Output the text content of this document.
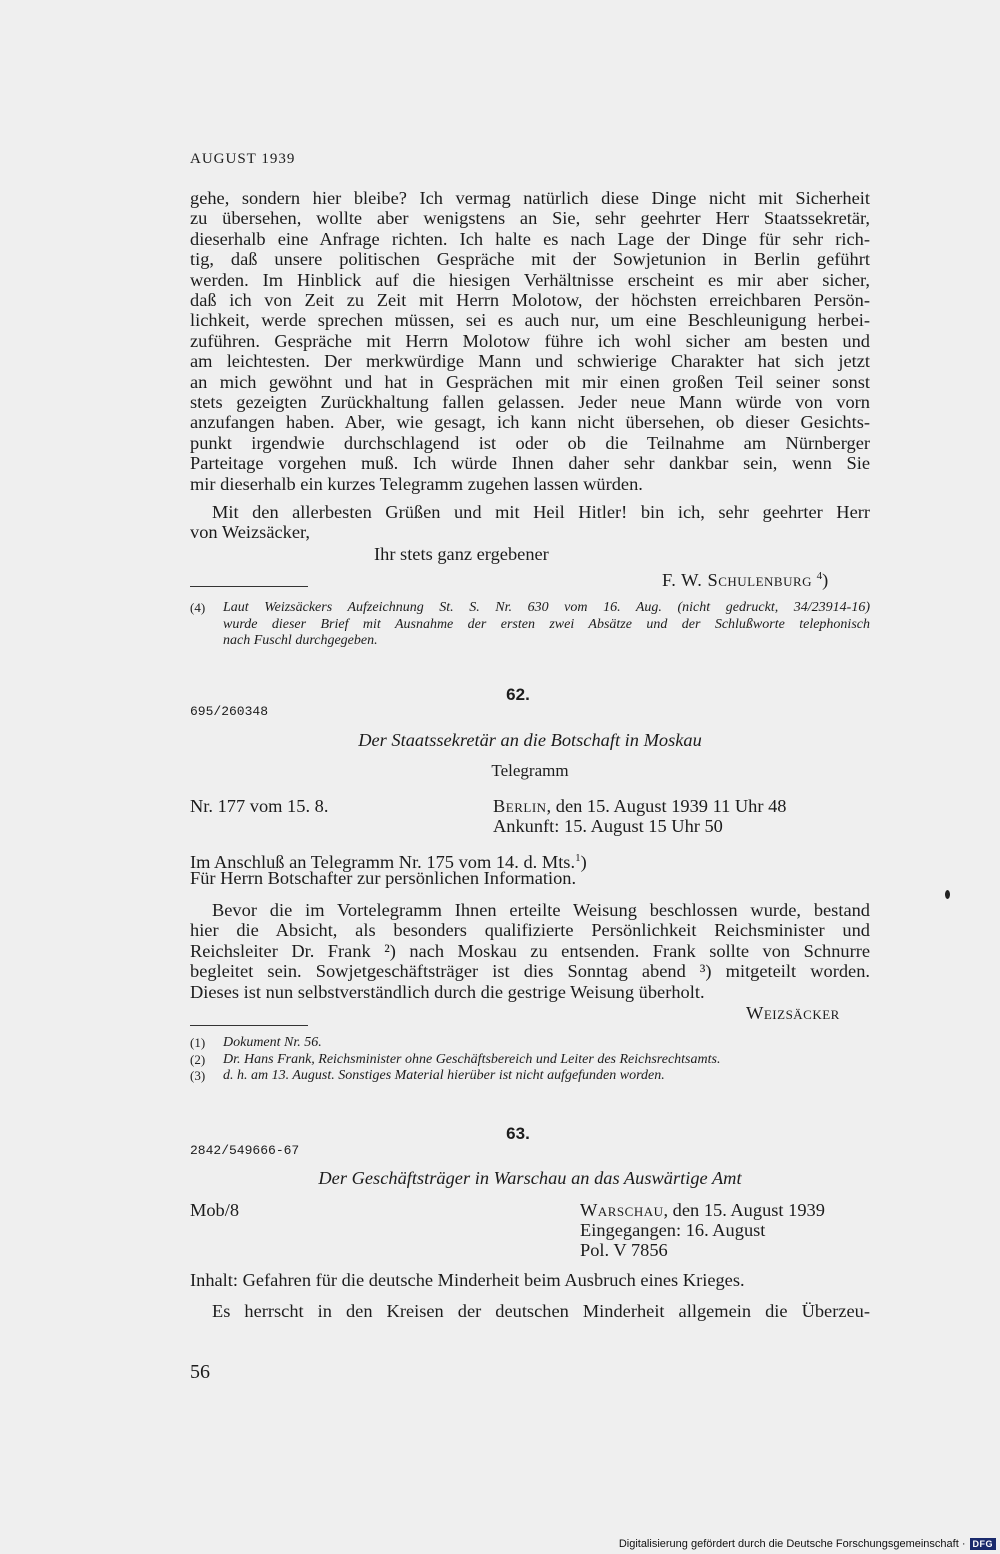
AUGUST 1939

gehe, sondern hier bleibe? Ich vermag natürlich diese Dinge nicht mit Sicherheit

zu übersehen, wollte aber wenigstens an Sie, sehr geehrter Herr Staatssekretär,

dieserhalb eine Anfrage richten. Ich halte es nach Lage der Dinge für sehr rich-

tig, daß unsere politischen Gespräche mit der Sowjetunion in Berlin geführt

werden. Im Hinblick auf die hiesigen Verhältnisse erscheint es mir aber sicher,

daß ich von Zeit zu Zeit mit Herrn Molotow, der höchsten erreichbaren Persön-

lichkeit, werde sprechen müssen, sei es auch nur, um eine Beschleunigung herbei-

zuführen. Gespräche mit Herrn Molotow führe ich wohl sicher am besten und

am leichtesten. Der merkwürdige Mann und schwierige Charakter hat sich jetzt

an mich gewöhnt und hat in Gesprächen mit mir einen großen Teil seiner sonst

stets gezeigten Zurückhaltung fallen gelassen. Jeder neue Mann würde von vorn

anzufangen haben. Aber, wie gesagt, ich kann nicht übersehen, ob dieser Gesichts-

punkt irgendwie durchschlagend ist oder ob die Teilnahme am Nürnberger

Parteitage vorgehen muß. Ich würde Ihnen daher sehr dankbar sein, wenn Sie

mir dieserhalb ein kurzes Telegramm zugehen lassen würden.

Mit den allerbesten Grüßen und mit Heil Hitler! bin ich, sehr geehrter Herr

von Weizsäcker,

Ihr stets ganz ergebener
F. W. Schulenburg $^4$)
(4) Laut Weizsäckers Aufzeichnung St. S. Nr. 630 vom 16. Aug. (nicht gedruckt, 34/23914-16)
wurde dieser Brief mit Ausnahme der ersten zwei Absätze und der Schlußworte telephonisch
nach Fuschl durchgegeben.
62.
695/260348
Der Staatssekretär an die Botschaft in Moskau
Telegramm
Nr. 177 vom 15. 8.	Berlin, den 15. August 1939 11 Uhr 48
Ankunft: 15. August 15 Uhr 50
Im Anschluß an Telegramm Nr. 175 vom 14. d. Mts.$^1$)
Für Herrn Botschafter zur persönlichen Information.

Bevor die im Vortelegramm Ihnen erteilte Weisung beschlossen wurde, bestand

hier die Absicht, als besonders qualifizierte Persönlichkeit Reichsminister und

Reichsleiter Dr. Frank ²) nach Moskau zu entsenden. Frank sollte von Schnurre

begleitet sein. Sowjetgeschäftsträger ist dies Sonntag abend ³) mitgeteilt worden.

Dieses ist nun selbstverständlich durch die gestrige Weisung überholt.

Weizsäcker
(1) Dokument Nr. 56.
(2) Dr. Hans Frank, Reichsminister ohne Geschäftsbereich und Leiter des Reichsrechtsamts.
(3) d. h. am 13. August. Sonstiges Material hierüber ist nicht aufgefunden worden.
63.
2842/549666-67
Der Geschäftsträger in Warschau an das Auswärtige Amt
Mob/8	Warschau, den 15. August 1939
Eingegangen: 16. August
Pol. V 7856
Inhalt: Gefahren für die deutsche Minderheit beim Ausbruch eines Krieges.

Es herrscht in den Kreisen der deutschen Minderheit allgemein die Überzeu-

56
Digitalisierung gefördert durch die Deutsche Forschungsgemeinschaft · DFG
